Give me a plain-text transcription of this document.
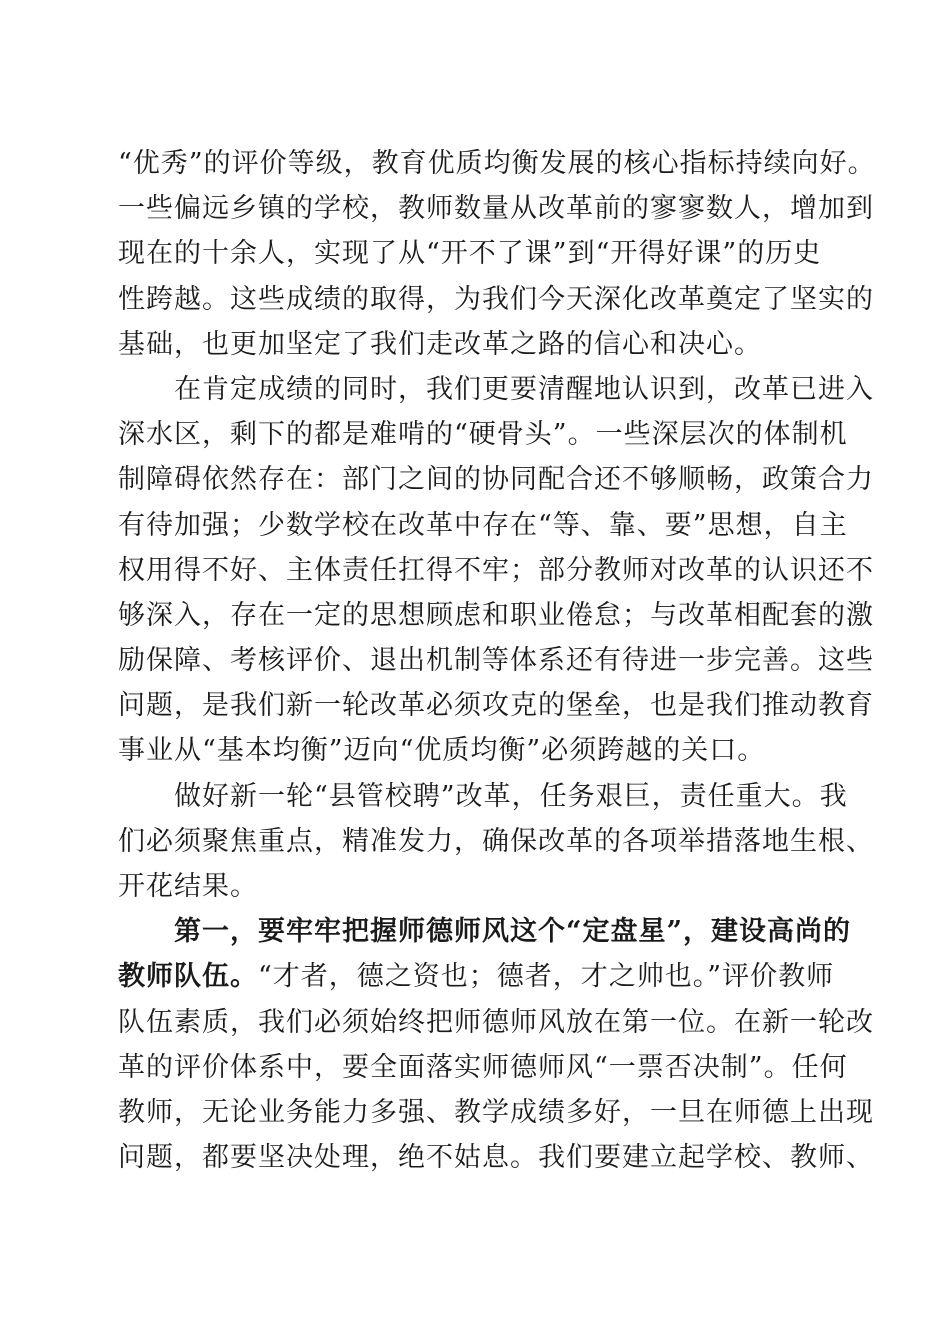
“优秀”的评价等级，教育优质均衡发展的核心指标持续向好。
一些偏远乡镇的学校，教师数量从改革前的寥寥数人，增加到
现在的十余人，实现了从“开不了课”到“开得好课”的历史
性跨越。这些成绩的取得，为我们今天深化改革奠定了坚实的
基础，也更加坚定了我们走改革之路的信心和决心。
在肯定成绩的同时，我们更要清醒地认识到，改革已进入
深水区，剩下的都是难啃的“硬骨头”。一些深层次的体制机
制障碍依然存在：部门之间的协同配合还不够顺畅，政策合力
有待加强；少数学校在改革中存在“等、靠、要”思想，自主
权用得不好、主体责任扛得不牢；部分教师对改革的认识还不
够深入，存在一定的思想顾虑和职业倦怠；与改革相配套的激
励保障、考核评价、退出机制等体系还有待进一步完善。这些
问题，是我们新一轮改革必须攻克的堡垒，也是我们推动教育
事业从“基本均衡”迈向“优质均衡”必须跨越的关口。
做好新一轮“县管校聘”改革，任务艰巨，责任重大。我
们必须聚焦重点，精准发力，确保改革的各项举措落地生根、
开花结果。
第一，要牢牢把握师德师风这个“定盘星”，建设高尚的
教师队伍。“才者，德之资也；德者，才之帅也。”评价教师
队伍素质，我们必须始终把师德师风放在第一位。在新一轮改
革的评价体系中，要全面落实师德师风“一票否决制”。任何
教师，无论业务能力多强、教学成绩多好，一旦在师德上出现
问题，都要坚决处理，绝不姑息。我们要建立起学校、教师、
